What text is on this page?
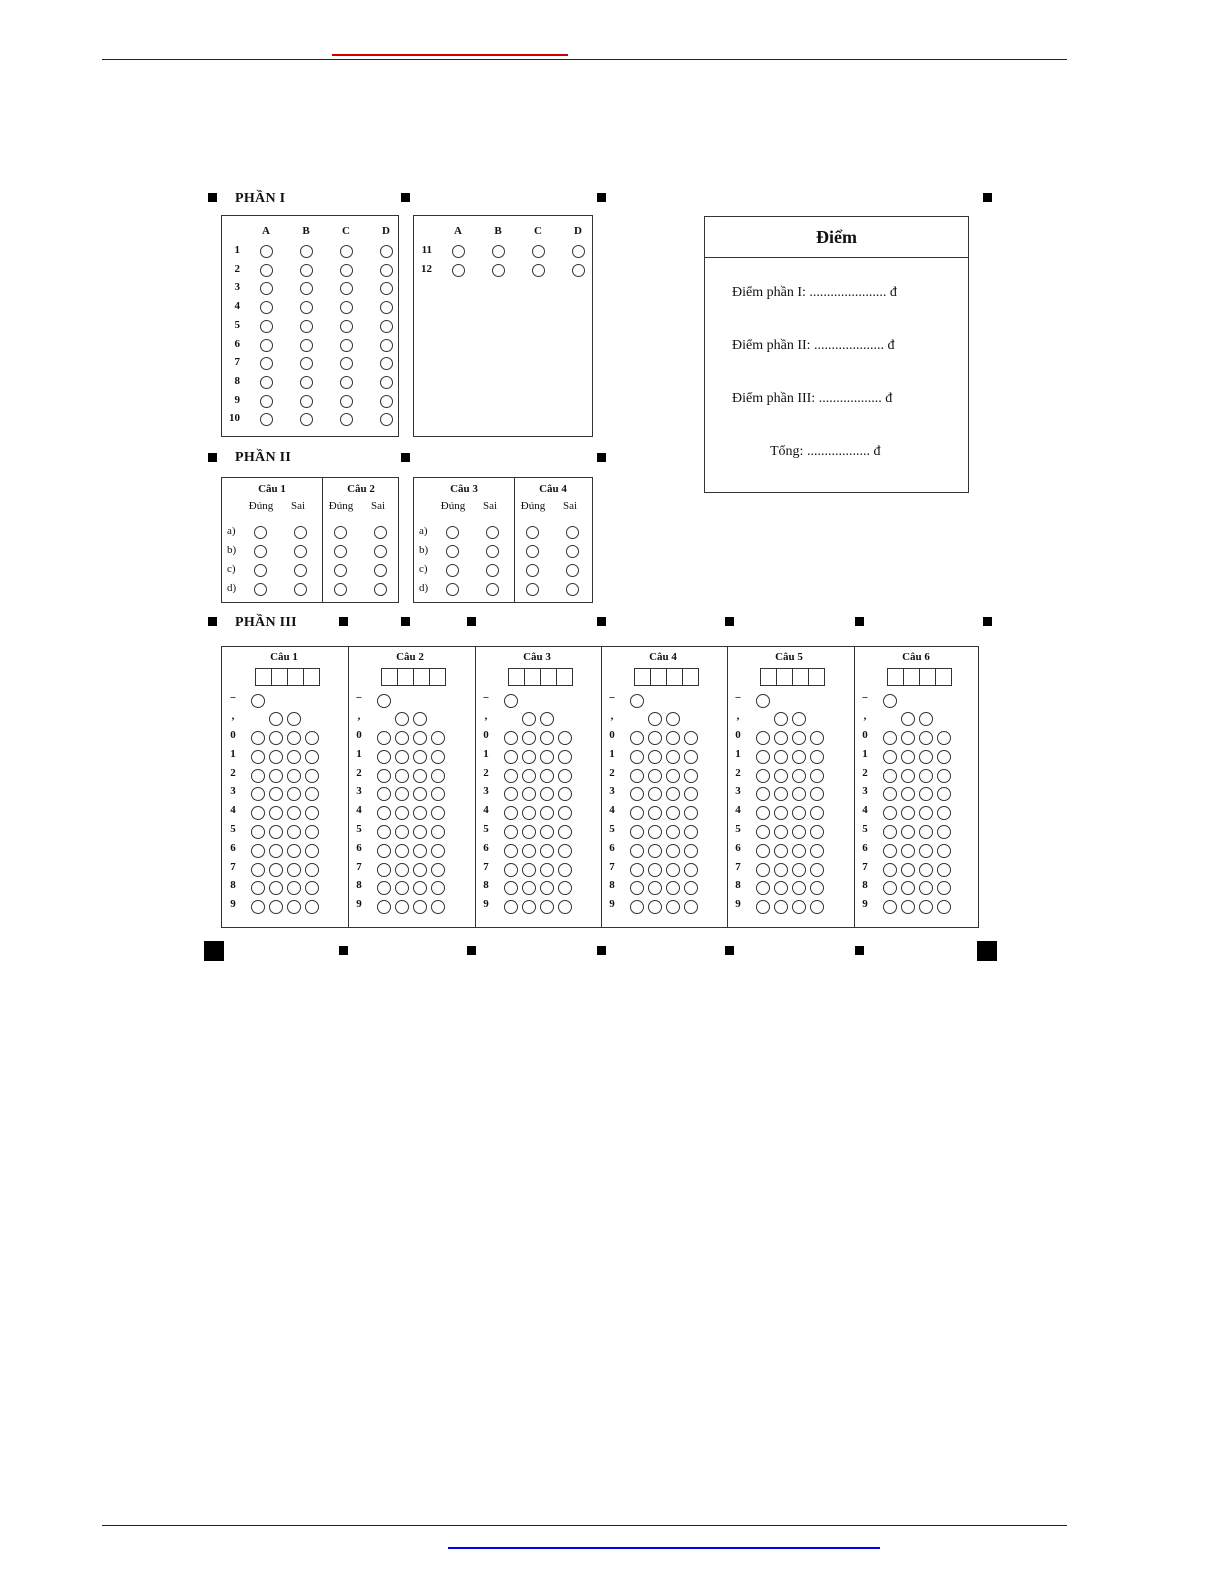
PHẦN I
A	B	C	D
1
2
3
4
5
6
7
8
9
10
A	B	C	D
11
12
PHẦN II
Câu 1
Đúng	Sai
a)
b)
c)
d)
Câu 2
Đúng	Sai
Câu 3
Đúng	Sai
a)
b)
c)
d)
Câu 4
Đúng	Sai
PHẦN III
Câu 1
−
,
0
1
2
3
4
5
6
7
8
9
Câu 2
−
,
0
1
2
3
4
5
6
7
8
9
Câu 3
−
,
0
1
2
3
4
5
6
7
8
9
Câu 4
−
,
0
1
2
3
4
5
6
7
8
9
Câu 5
−
,
0
1
2
3
4
5
6
7
8
9
Câu 6
−
,
0
1
2
3
4
5
6
7
8
9
Điểm
Điểm phần I: ...................... đ
Điểm phần II: .................... đ
Điểm phần III: .................. đ
Tổng: .................. đ
